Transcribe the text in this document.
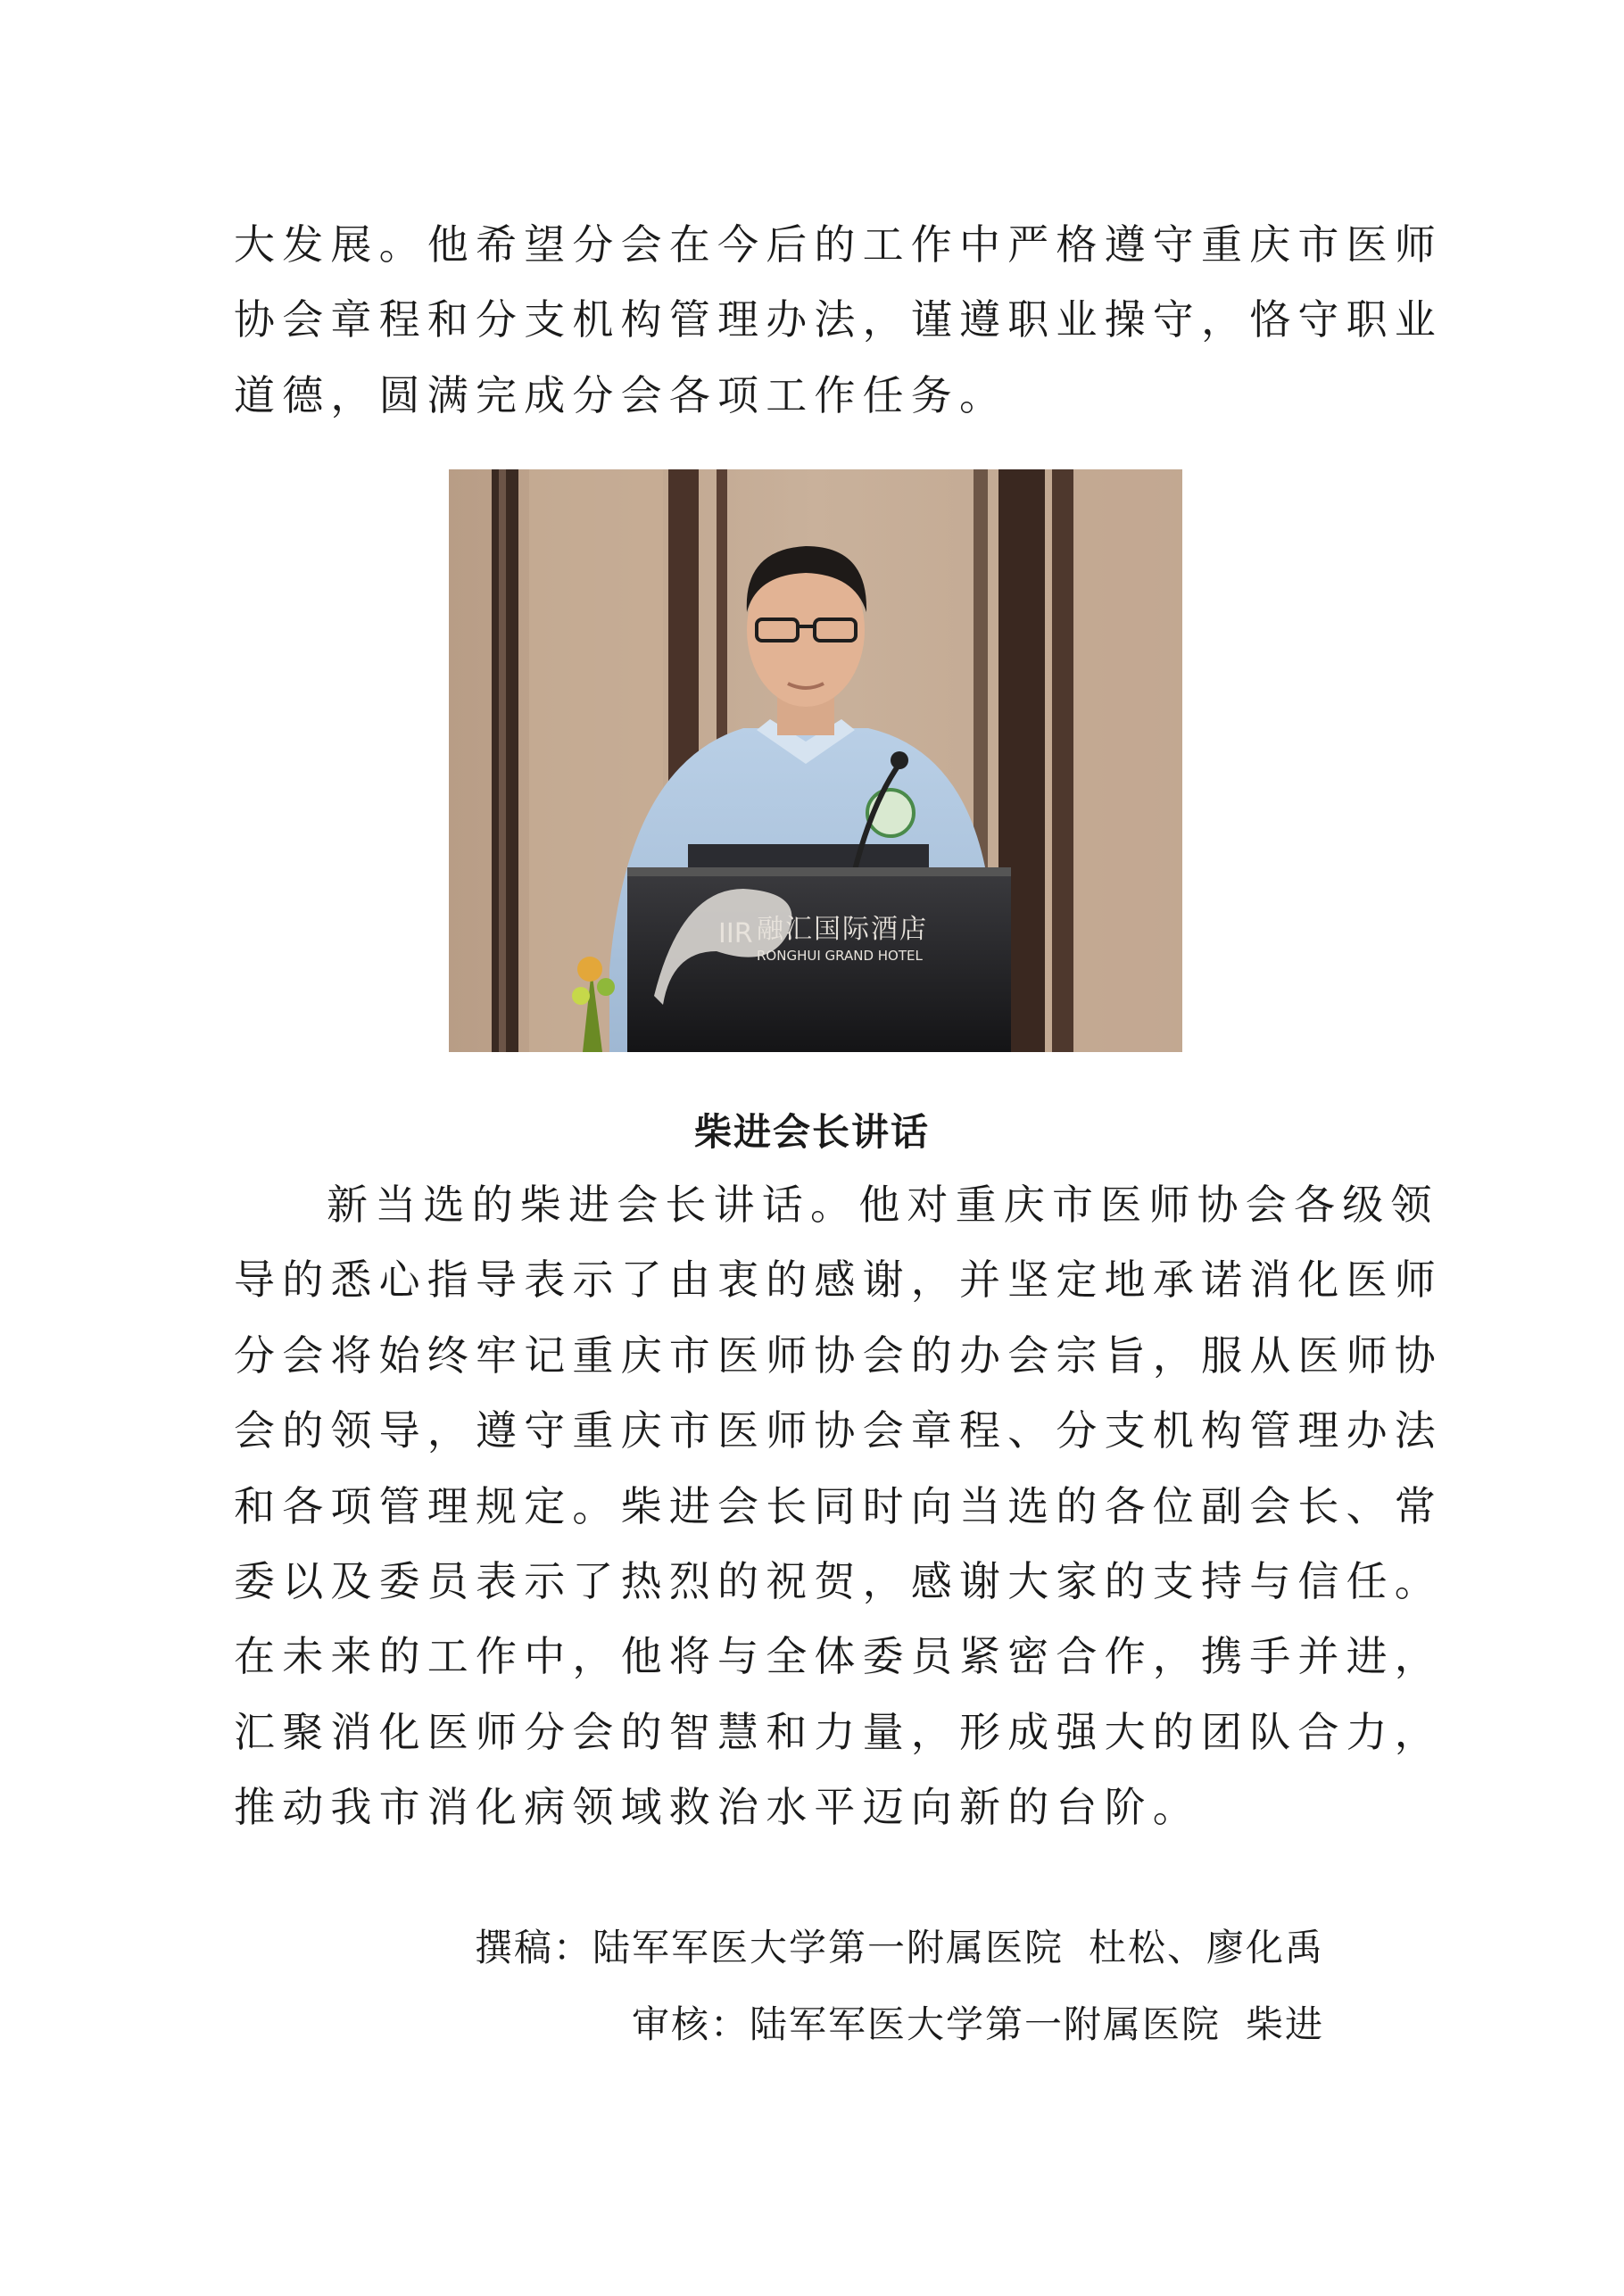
大发展。他希望分会在今后的工作中严格遵守重庆市医师
协会章程和分支机构管理办法，谨遵职业操守，恪守职业
道德，圆满完成分会各项工作任务。
IIR 融汇国际酒店
RONGHUI GRAND HOTEL
柴进会长讲话
新当选的柴进会长讲话。他对重庆市医师协会各级领
导的悉心指导表示了由衷的感谢，并坚定地承诺消化医师
分会将始终牢记重庆市医师协会的办会宗旨，服从医师协
会的领导，遵守重庆市医师协会章程、分支机构管理办法
和各项管理规定。柴进会长同时向当选的各位副会长、常
委以及委员表示了热烈的祝贺，感谢大家的支持与信任。
在未来的工作中，他将与全体委员紧密合作，携手并进，
汇聚消化医师分会的智慧和力量，形成强大的团队合力，
推动我市消化病领域救治水平迈向新的台阶。
撰稿：陆军军医大学第一附属医院 杜松、廖化禹
审核：陆军军医大学第一附属医院 柴进
